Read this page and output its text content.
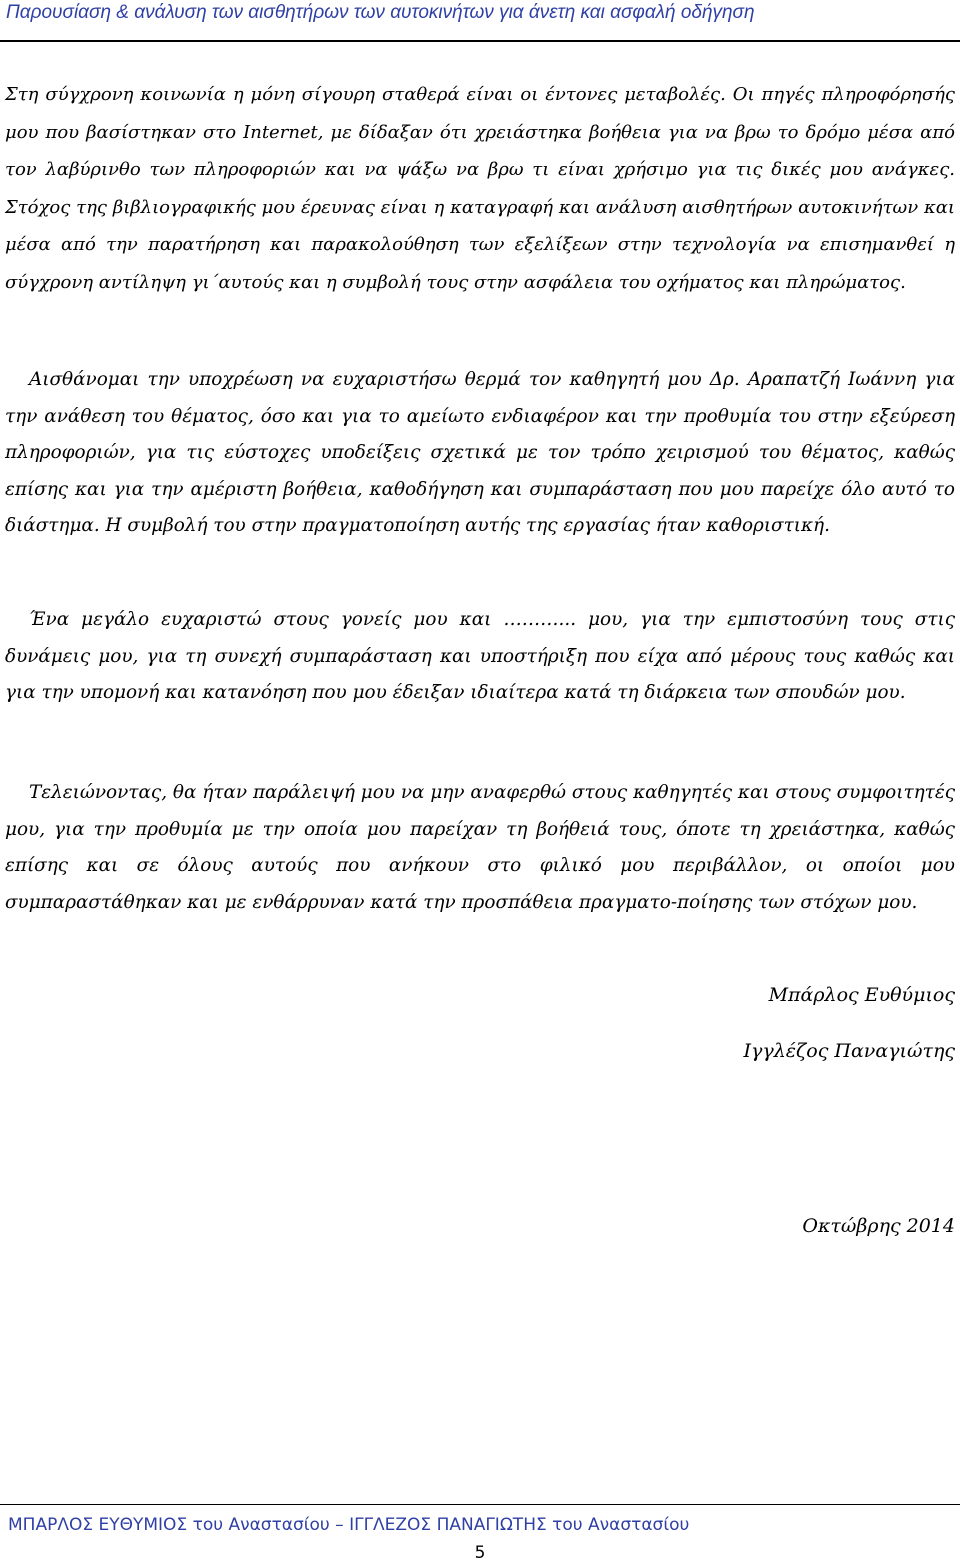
Παρουσίαση & ανάλυση των αισθητήρων των αυτοκινήτων για άνετη και ασφαλή οδήγηση

Στη σύγχρονη κοινωνία η μόνη σίγουρη σταθερά είναι οι έντονες μεταβολές. Οι πηγές πληροφόρησής μου που βασίστηκαν στο Internet, με δίδαξαν ότι χρειάστηκα βοήθεια για να βρω το δρόμο μέσα από τον λαβύρινθο των πληροφοριών και να ψάξω να βρω τι είναι χρήσιμο για τις δικές μου ανάγκες. Στόχος της βιβλιογραφικής μου έρευνας είναι η καταγραφή και ανάλυση αισθητήρων αυτοκινήτων και μέσα από την παρατήρηση και παρακολούθηση των εξελίξεων στην τεχνολογία να επισημανθεί η σύγχρονη αντίληψη γι΄αυτούς και η συμβολή τους στην ασφάλεια του οχήματος και πληρώματος.

Αισθάνομαι την υποχρέωση να ευχαριστήσω θερμά τον καθηγητή μου Δρ. Αραπατζή Ιωάννη για την ανάθεση του θέματος, όσο και για το αμείωτο ενδιαφέρον και την προθυμία του στην εξεύρεση πληροφοριών, για τις εύστοχες υποδείξεις σχετικά με τον τρόπο χειρισμού του θέματος, καθώς επίσης και για την αμέριστη βοήθεια, καθοδήγηση και συμπαράσταση που μου παρείχε όλο αυτό το διάστημα. Η συμβολή του στην πραγματοποίηση αυτής της εργασίας ήταν καθοριστική.

Ένα μεγάλο ευχαριστώ στους γονείς μου και ………... μου, για την εμπιστοσύνη τους στις δυνάμεις μου, για τη συνεχή συμπαράσταση και υποστήριξη που είχα από μέρους τους καθώς και για την υπομονή και κατανόηση που μου έδειξαν ιδιαίτερα κατά τη διάρκεια των σπουδών μου.

Τελειώνοντας, θα ήταν παράλειψή μου να μην αναφερθώ στους καθηγητές και στους συμφοιτητές μου, για την προθυμία με την οποία μου παρείχαν τη βοήθειά τους, όποτε τη χρειάστηκα, καθώς επίσης και σε όλους αυτούς που ανήκουν στο φιλικό μου περιβάλλον, οι οποίοι μου συμπαραστάθηκαν και με ενθάρρυναν κατά την προσπάθεια πραγματο-ποίησης των στόχων μου.

Μπάρλος Ευθύμιος
Ιγγλέζος Παναγιώτης
Οκτώβρης 2014
ΜΠΑΡΛΟΣ ΕΥΘΥΜΙΟΣ του Αναστασίου – ΙΓΓΛΕΖΟΣ ΠΑΝΑΓΙΩΤΗΣ του Αναστασίου
5
